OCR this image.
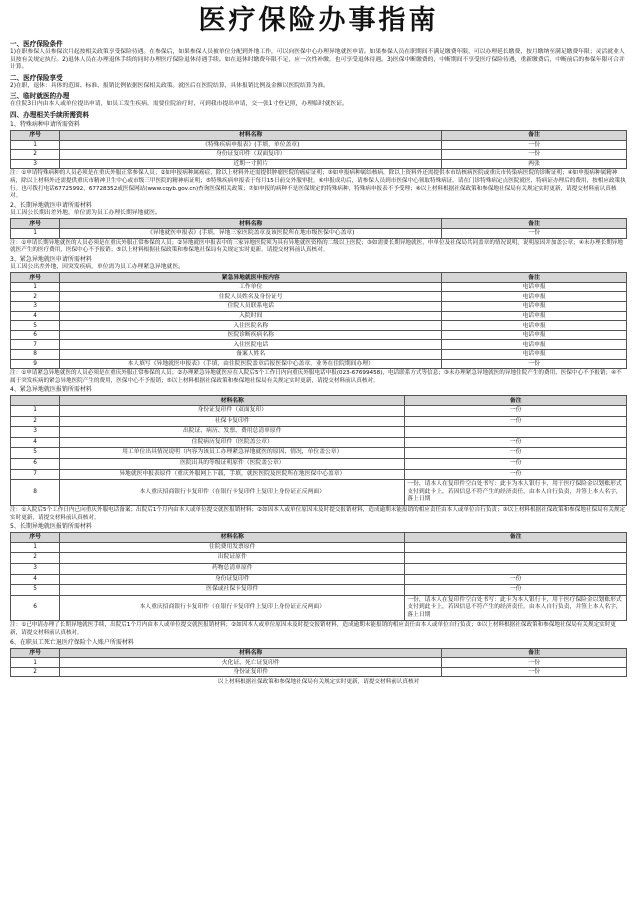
医疗保险办事指南
一、医疗保险条件
1)在职参保人员参保次月起按相关政策享受保险待遇。在参保后，如果参保人员被单位分配到外地工作，可以向医保中心办理异地就医申请。如果参保人员在职期间不满足缴费年限，可以办理延长缴费，按月缴纳至满足缴费年限；灵活就业人员按有关规定执行。2)退休人员在办理退休手续的同时办理医疗保险退休待遇手续。如在退休时缴费年限不足，应一次性补缴，也可享受退休待遇。3)医保中断缴费的，中断期间不享受医疗保险待遇，重新缴费后，中断前后的参保年限可合并计算。
二、医疗保险享受
2)在职，退休：具体的范围、标准、报销比例依据医保相关政策。就医后在医院结算，具体报销比例及金额以医院结算为准。
三、临时就医的办理
在住院3日内由本人或单位提出申请，如员工发生疾病，需要住院治疗时，可到我市提出申请，交一张1寸登记照，办理临时就医证。
四、办理相关手续所需资料
1、特殊病种申请所需资料
序号	材料名称	备注
1	《特殊疾病申报表》(手填，单位盖章)	一份
2	身份证复印件（双面复印）	一份
3	近期一寸照片	两张
注：①申请特殊病种的人员必须是在重庆外服正常参保人员；②如申报病种属癌症，除以上材料外还需提供肿瘤医院的癌症证明；③如申报病种属结核病，除以上资料外还需提供本市结核病医院或重庆市传染病医院的诊断证明；④如申报病种属精神病，除以上材料外还需提供重庆市精神卫生中心或市级三甲医院的精神病证明；⑤特殊疾病申报表于每月15日前交外服审批。⑥申报成功后，请参保人员到市医保中心领取特殊病证。请在门诊特殊病定点医院就医，特病证办理后的费用，按相应政策执行。也可拨打电话67725992，67728352或医保网站(www.cqyb.gov.cn)查询医保相关政策；⑦如申报的病种不是医保规定的特殊病种，特殊病申报表不予受理；⑧以上材料根据社保政策和参保地社保局有关规定实时更新，请提交材料前认真核对。
2、长期异地就医申请所需材料
员工因公长期出差外地，单位需为员工办理长期异地就医。
序号	材料名称	备注
1	《异地就医申报表》(手填，异地三家医院盖章及该医院所在地市级医保中心盖章)	一份
注：①申请长期异地就医的人员必须是在重庆外服正常参保的人员；②异地就医申报表中的三家异地医院须为具有异地就医资格的二级以上医院；③如需要长期异地就医，申单位及社保局共同盖章的情况说明，说明原因并加盖公章；④未办理长期异地就医产生的医疗费用，医保中心不予报销；⑤以上材料根据社保政策和参保地社保局有关规定实时更新，请提交材料前认真核对。
3、紧急异地就医申请所需材料
员工因公出差外地，因突发疾病，单位需为员工办理紧急异地就医。
序号	紧急异地就医申报内容	备注
1	工作单位	电话申报
2	住院人员姓名及身份证号	电话申报
3	住院人员联系电话	电话申报
4	入院时间	电话申报
5	入住医院名称	电话申报
6	医院诊断疾病名称	电话申报
7	入住医院电话	电话申报
8	备案人姓名	电话申报
9	本人填写《异地就医申报表》（手填，由住院医院盖章后报医保中心盖章，业务在住院期间办理）	一份
注：①申请紧急异地就医的人员必须是在重庆外服正常参保的人员；②办理紧急异地就医应在入院后5个工作日内向重庆外服电话申报(023-67699458)，电话联系方式等信息；③未办理紧急异地就医的异地住院产生的费用，医保中心不予报销；④不属于突发疾病的紧急异地医院产生的费用，医保中心不予报销；⑤以上材料根据社保政策和参保地社保局有关规定实时更新，请提交材料前认真核对。
4、紧急异地就医报销所需材料
	材料名称	备注
1	身份证复印件（双面复印）	一份
2	社保卡复印件	一份
3	出院证、病历、发票、费用总清单原件	
4	住院病历复印件（医院盖公章）	一份
5	用工单位出具情况说明（内容为该员工办理紧急异地就医的原因、情况，单位盖公章）	一份
6	医院出具的等级证明原件（医院盖公章）	一份
7	异地就医申报表原件（重庆外服网上下载，手填，就医医院及医院所在地医保中心盖章）	一份
8	本人重庆招商银行卡复印件（在银行卡复印件上复印上身份证正反两面）	一份，请本人在复印件空白处书写：此卡为本人银行卡，用于医疗保险金以划账形式支付到此卡上，若因信息不符产生的经济责任，由本人自行负责，并签上本人名字，落上日期
注：①入院后5个工作日内已向重庆外服电话备案；出院后1个月内由本人或单位提交就医报销材料；②如因本人或单位原因未及时提交报销材料，造成逾期未能报销的相应责任由本人或单位自行负责；③以上材料根据社保政策和参保地社保局有关规定实时更新，请提交材料前认真核对。
5、长期异地就医报销所需材料
序号	材料名称	备注
1	住院费用发票原件	
2	出院证原件	
3	药物总清单原件	
4	身份证复印件	一份
5	医保或社保卡复印件	一份
6	本人重庆招商银行卡复印件（在银行卡复印件上复印上身份证正反两面）	一份，请本人在复印件空白处书写：此卡为本人银行卡，用于医疗保险金以划账形式支付到此卡上，若因信息不符产生的经济责任，由本人自行负责，并签上本人名字，落上日期
注：①已申请办理了长期异地就医手续，出院后1个月内由本人或单位提交就医报销材料；②如因本人或单位原因未及时提交报销材料，造成逾期未能报销的相应责任由本人或单位自行负责；③以上材料根据社保政策和参保地社保局有关规定实时更新，请提交材料前认真核对。
6、在职员工死亡退医疗保险个人账户所需材料
序号	材料名称	备注
1	火化证、死亡证复印件	一份
2	身份证复印件	一份
以上材料根据社保政策和参保地社保局有关规定实时更新，请提交材料前认真核对
